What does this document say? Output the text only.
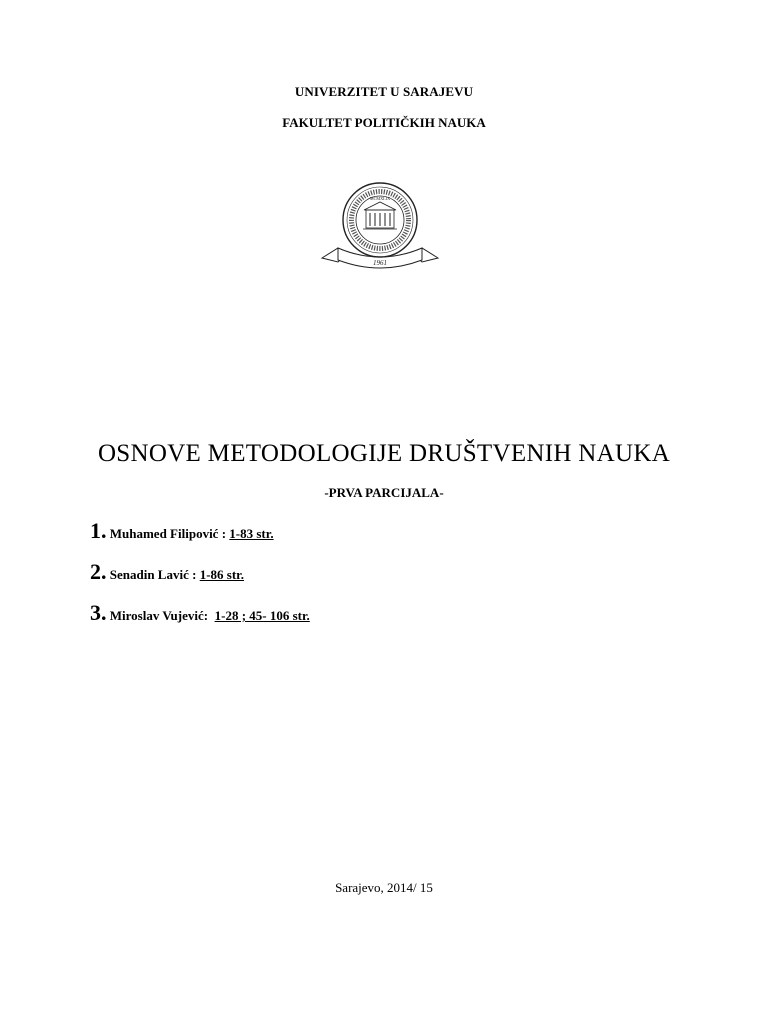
UNIVERZITET U SARAJEVU
FAKULTET POLITIČKIH NAUKA
1961
MCMXLIX
OSNOVE METODOLOGIJE DRUŠTVENIH NAUKA
-PRVA PARCIJALA-
1. Muhamed Filipović : 1-83 str.
2. Senadin Lavić : 1-86 str.
3. Miroslav Vujević:  1-28 ; 45- 106 str.
Sarajevo, 2014/ 15
